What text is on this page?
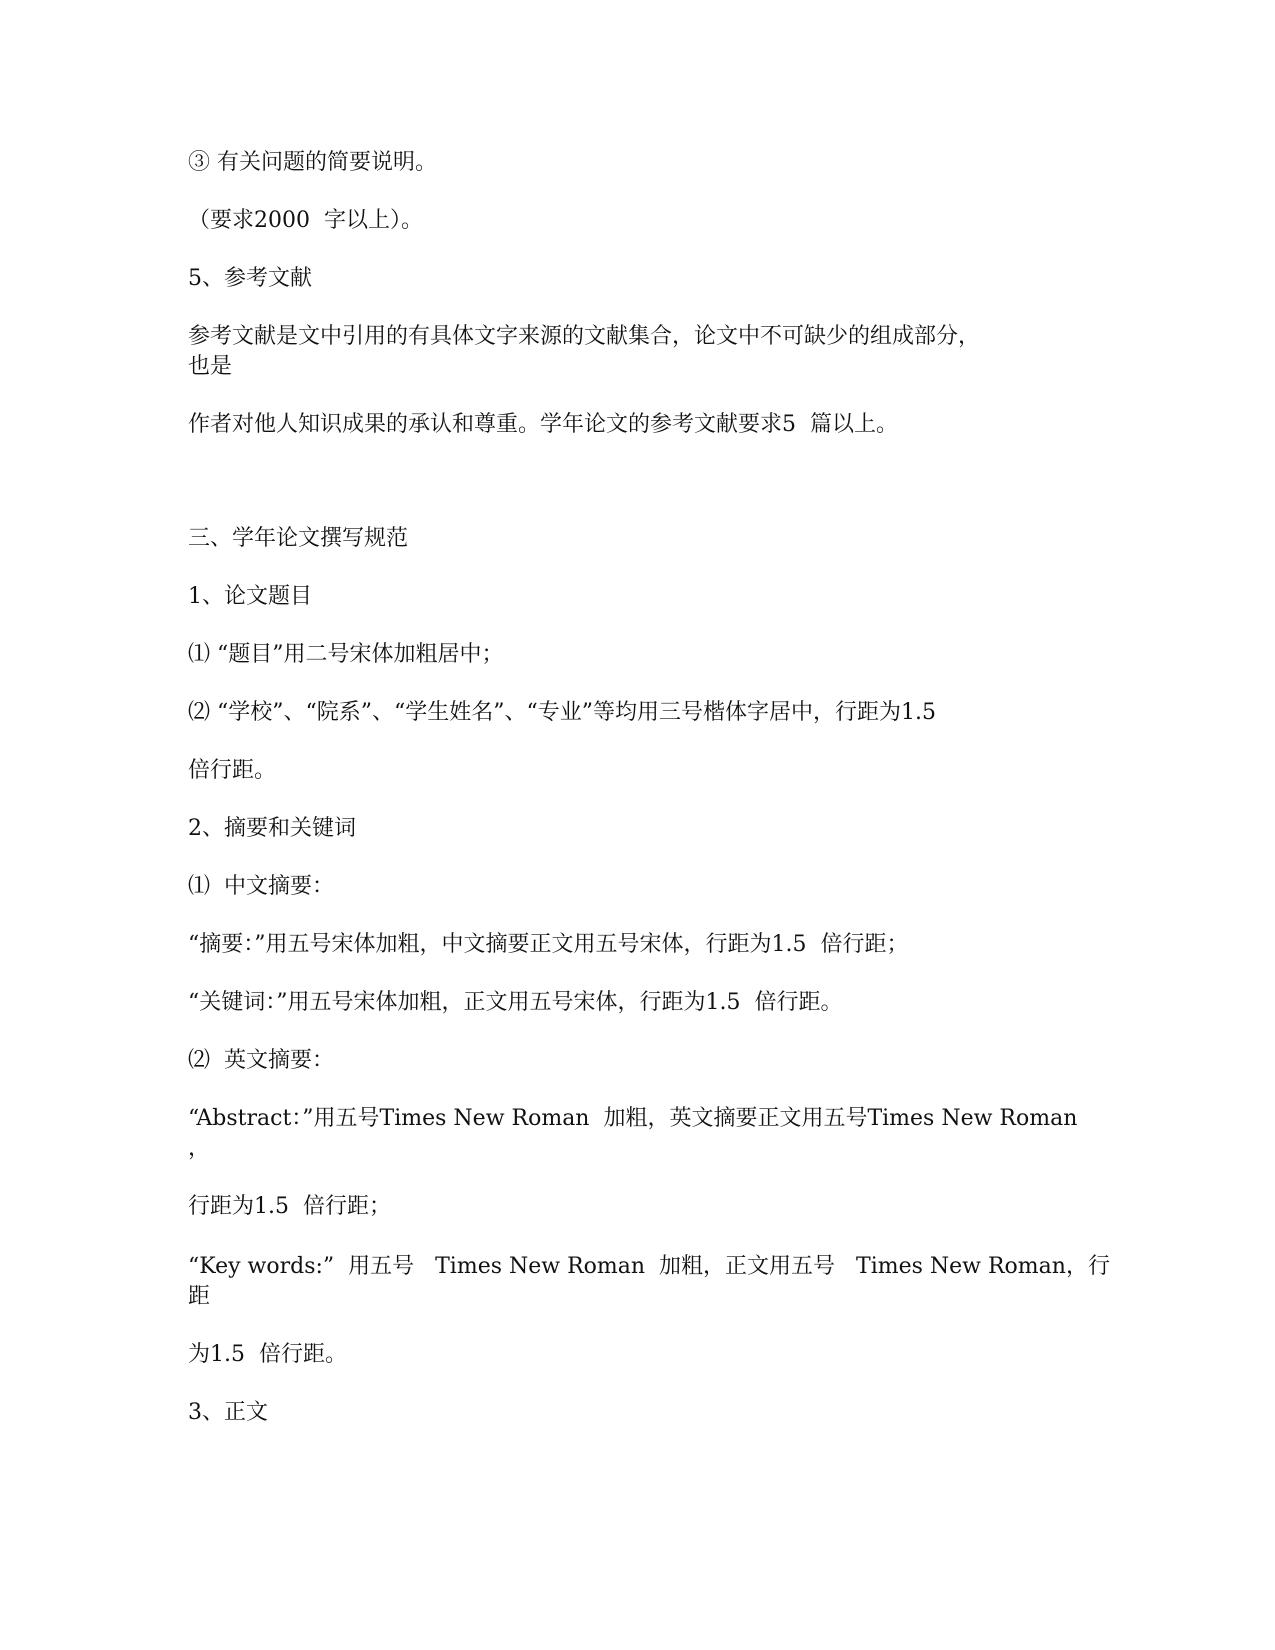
③ 有关问题的简要说明。
（要求2000  字以上）。
5、参考文献
参考文献是文中引用的有具体文字来源的文献集合，论文中不可缺少的组成部分，
也是
作者对他人知识成果的承认和尊重。学年论文的参考文献要求5  篇以上。
三、学年论文撰写规范
1、论文题目
⑴ “题目”用二号宋体加粗居中；
⑵ “学校”、“院系”、“学生姓名”、“专业”等均用三号楷体字居中，行距为1.5
倍行距。
2、摘要和关键词
⑴  中文摘要：
“摘要：”用五号宋体加粗，中文摘要正文用五号宋体，行距为1.5  倍行距；
“关键词：”用五号宋体加粗，正文用五号宋体，行距为1.5  倍行距。
⑵  英文摘要：
“Abstract：”用五号Times New Roman  加粗，英文摘要正文用五号Times New Roman
，
行距为1.5  倍行距；
“Key words:”  用五号   Times New Roman  加粗，正文用五号   Times New Roman，行
距
为1.5  倍行距。
3、正文
